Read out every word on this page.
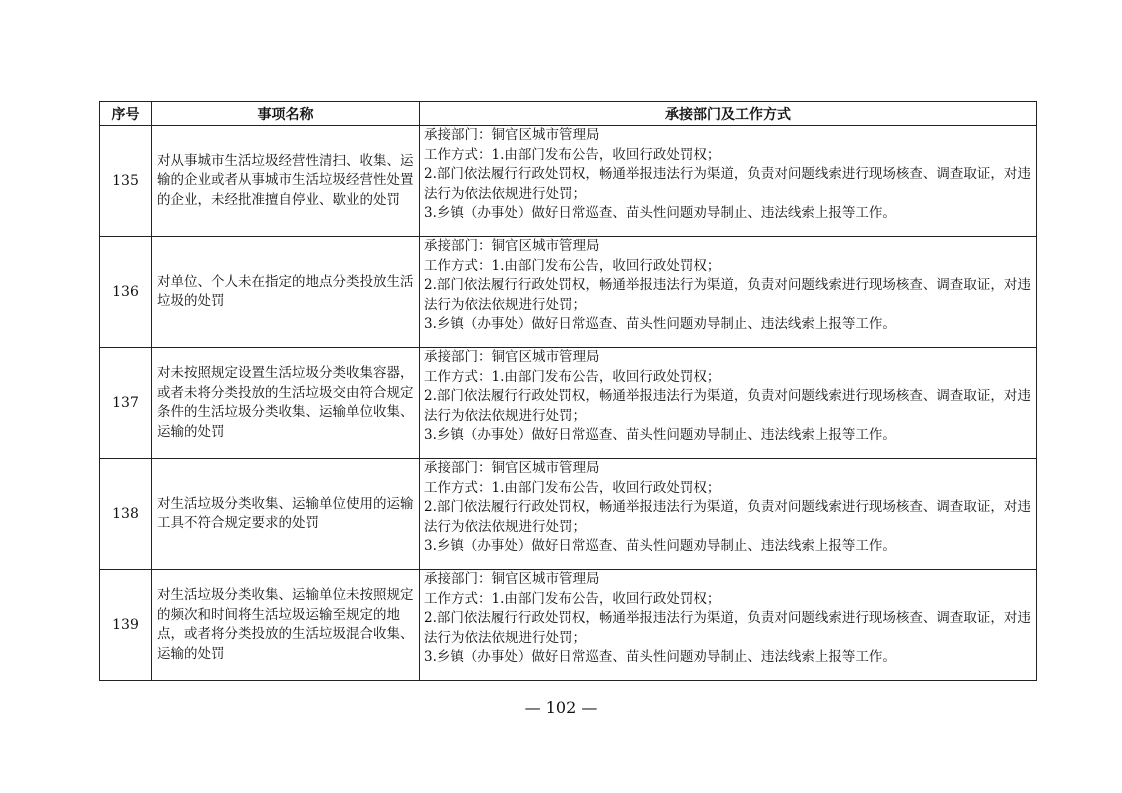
序号	事项名称	承接部门及工作方式
135	对从事城市生活垃圾经营性清扫、收集、运输的企业或者从事城市生活垃圾经营性处置的企业，未经批准擅自停业、歇业的处罚	承接部门：铜官区城市管理局
工作方式：1.由部门发布公告，收回行政处罚权；
2.部门依法履行行政处罚权，畅通举报违法行为渠道，负责对问题线索进行现场核查、调查取证，对违法行为依法依规进行处罚；
3.乡镇（办事处）做好日常巡查、苗头性问题劝导制止、违法线索上报等工作。

136	对单位、个人未在指定的地点分类投放生活垃圾的处罚	承接部门：铜官区城市管理局
工作方式：1.由部门发布公告，收回行政处罚权；
2.部门依法履行行政处罚权，畅通举报违法行为渠道，负责对问题线索进行现场核查、调查取证，对违法行为依法依规进行处罚；
3.乡镇（办事处）做好日常巡查、苗头性问题劝导制止、违法线索上报等工作。

137	对未按照规定设置生活垃圾分类收集容器，或者未将分类投放的生活垃圾交由符合规定条件的生活垃圾分类收集、运输单位收集、运输的处罚	承接部门：铜官区城市管理局
工作方式：1.由部门发布公告，收回行政处罚权；
2.部门依法履行行政处罚权，畅通举报违法行为渠道，负责对问题线索进行现场核查、调查取证，对违法行为依法依规进行处罚；
3.乡镇（办事处）做好日常巡查、苗头性问题劝导制止、违法线索上报等工作。

138	对生活垃圾分类收集、运输单位使用的运输工具不符合规定要求的处罚	承接部门：铜官区城市管理局
工作方式：1.由部门发布公告，收回行政处罚权；
2.部门依法履行行政处罚权，畅通举报违法行为渠道，负责对问题线索进行现场核查、调查取证，对违法行为依法依规进行处罚；
3.乡镇（办事处）做好日常巡查、苗头性问题劝导制止、违法线索上报等工作。

139	对生活垃圾分类收集、运输单位未按照规定的频次和时间将生活垃圾运输至规定的地点，或者将分类投放的生活垃圾混合收集、运输的处罚	承接部门：铜官区城市管理局
工作方式：1.由部门发布公告，收回行政处罚权；
2.部门依法履行行政处罚权，畅通举报违法行为渠道，负责对问题线索进行现场核查、调查取证，对违法行为依法依规进行处罚；
3.乡镇（办事处）做好日常巡查、苗头性问题劝导制止、违法线索上报等工作。
— 102 —
